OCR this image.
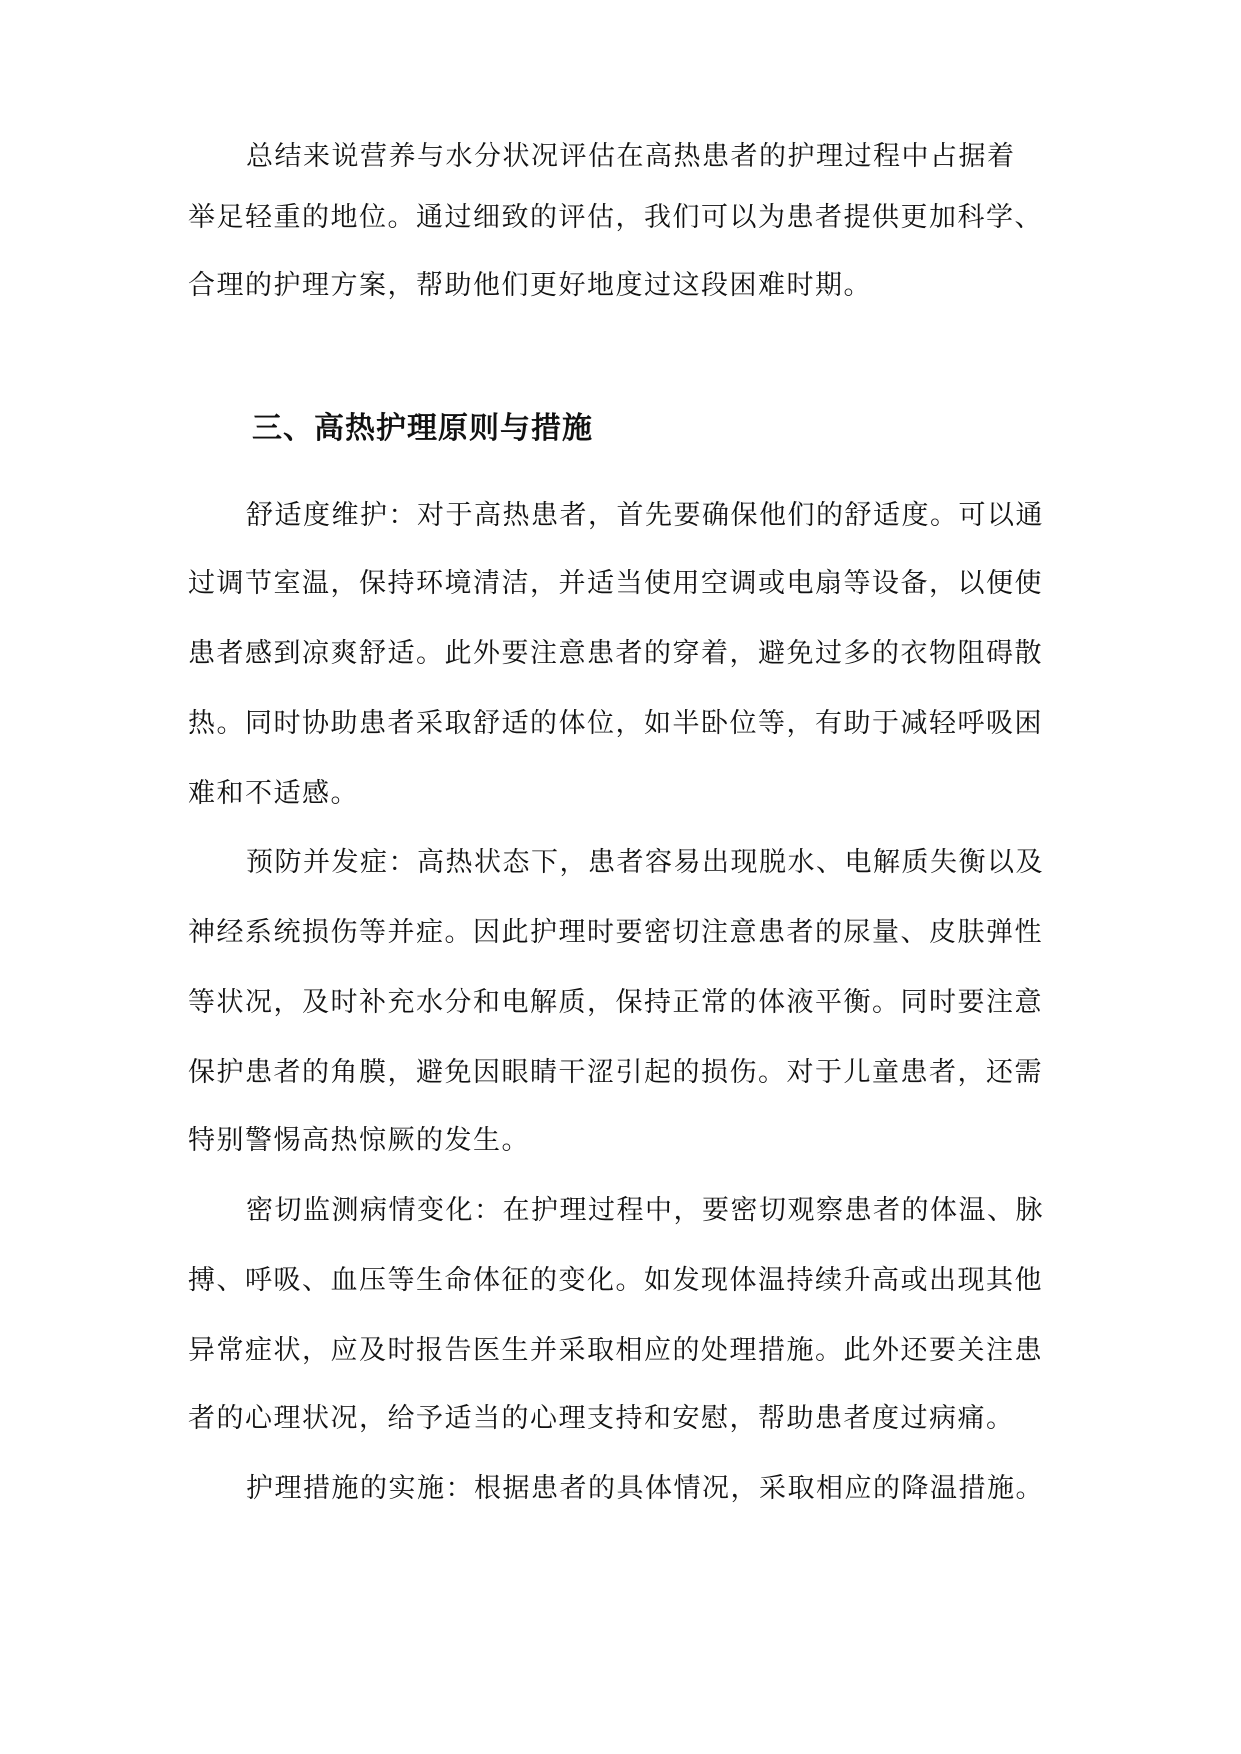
总结来说营养与水分状况评估在高热患者的护理过程中占据着
举足轻重的地位。通过细致的评估，我们可以为患者提供更加科学、
合理的护理方案，帮助他们更好地度过这段困难时期。
三、高热护理原则与措施
舒适度维护：对于高热患者，首先要确保他们的舒适度。可以通
过调节室温，保持环境清洁，并适当使用空调或电扇等设备，以便使
患者感到凉爽舒适。此外要注意患者的穿着，避免过多的衣物阻碍散
热。同时协助患者采取舒适的体位，如半卧位等，有助于减轻呼吸困
难和不适感。
预防并发症：高热状态下，患者容易出现脱水、电解质失衡以及
神经系统损伤等并症。因此护理时要密切注意患者的尿量、皮肤弹性
等状况，及时补充水分和电解质，保持正常的体液平衡。同时要注意
保护患者的角膜，避免因眼睛干涩引起的损伤。对于儿童患者，还需
特别警惕高热惊厥的发生。
密切监测病情变化：在护理过程中，要密切观察患者的体温、脉
搏、呼吸、血压等生命体征的变化。如发现体温持续升高或出现其他
异常症状，应及时报告医生并采取相应的处理措施。此外还要关注患
者的心理状况，给予适当的心理支持和安慰，帮助患者度过病痛。
护理措施的实施：根据患者的具体情况，采取相应的降温措施。
